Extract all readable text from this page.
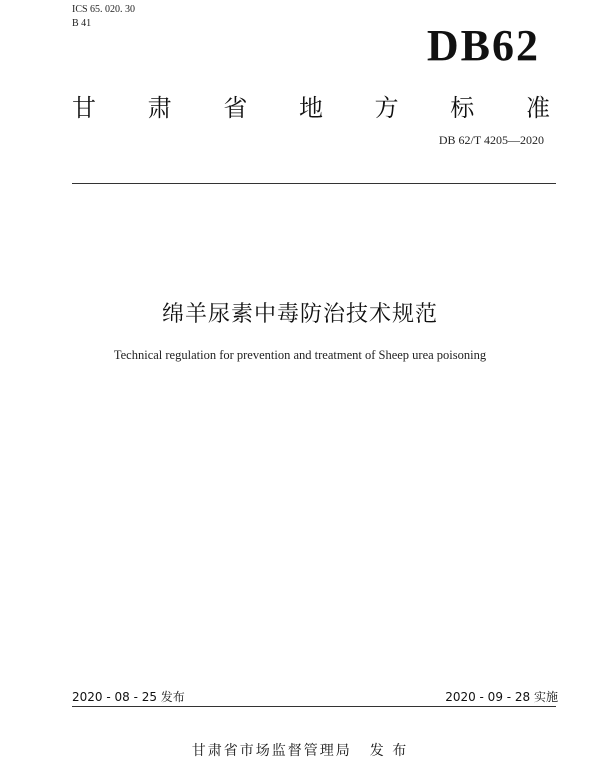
ICS 65. 020. 30
B 41	DB62
甘 肃 省 地 方 标 准
DB 62/T 4205—2020
绵羊尿素中毒防治技术规范
Technical regulation for prevention and treatment of Sheep urea poisoning
2020 - 08 - 25 发布	2020 - 09 - 28 实施
甘肃省市场监督管理局 发 布
